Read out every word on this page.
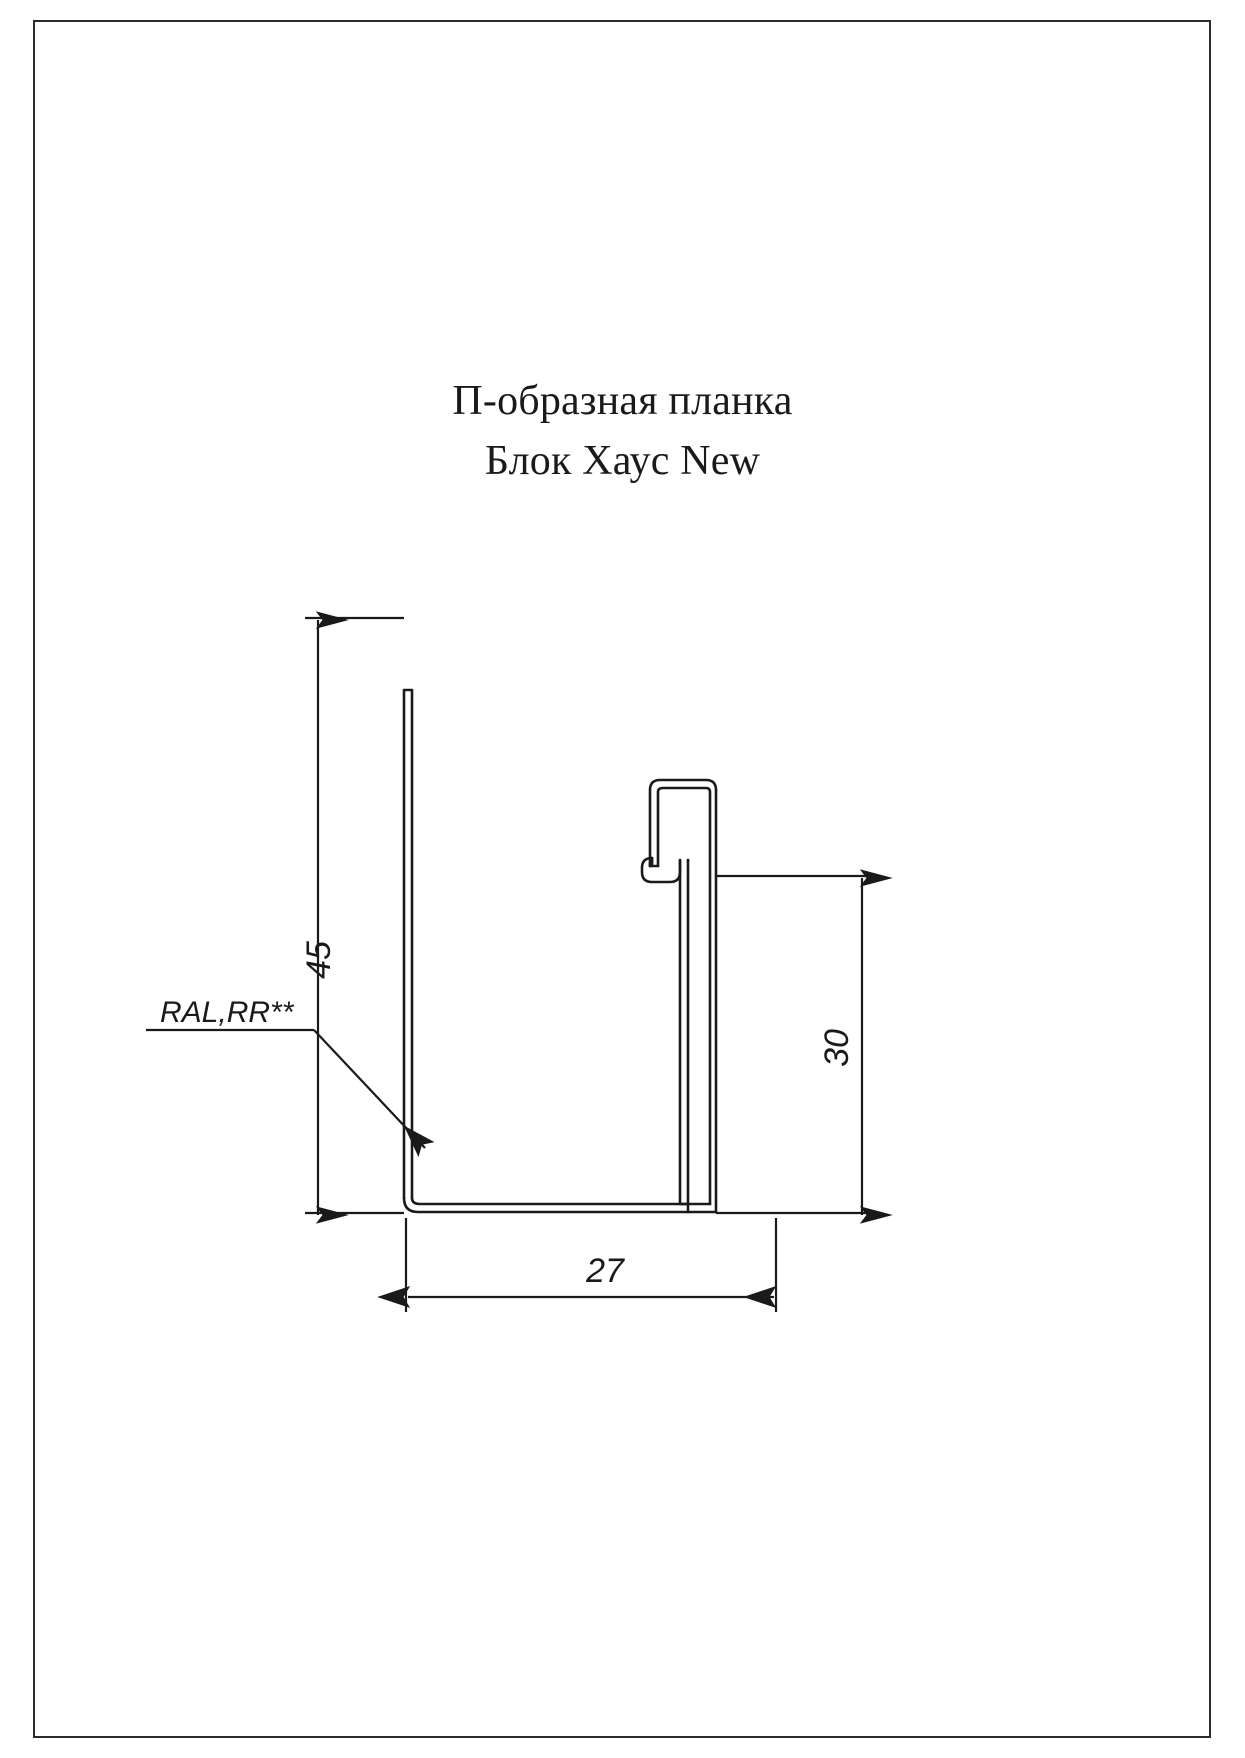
П-образная планка
Блок Хаус New
45
30
27
RAL,RR**
